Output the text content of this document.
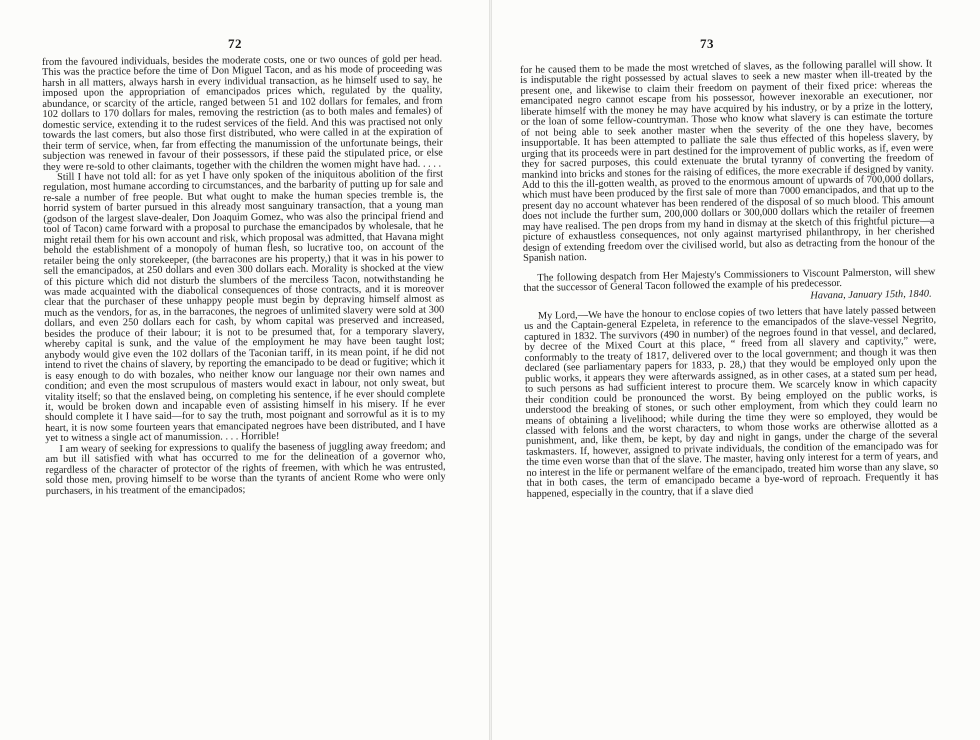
72

from the favoured individuals, besides the moderate costs, one or two ounces of gold per head. This was the practice before the time of Don Miguel Tacon, and as his mode of proceeding was harsh in all matters, always harsh in every individual transaction, as he himself used to say, he imposed upon the appropriation of emancipados prices which, regulated by the quality, abundance, or scarcity of the article, ranged between 51 and 102 dollars for females, and from 102 dollars to 170 dollars for males, removing the restriction (as to both males and females) of domestic service, extending it to the rudest services of the field. And this was practised not only towards the last comers, but also those first distributed, who were called in at the expiration of their term of service, when, far from effecting the manumission of the unfortunate beings, their subjection was renewed in favour of their possessors, if these paid the stipulated price, or else they were re-sold to other claimants, together with the children the women might have had. . . . .

Still I have not told all: for as yet I have only spoken of the iniquitous abolition of the first regulation, most humane according to circumstances, and the barbarity of putting up for sale and re-sale a number of free people. But what ought to make the human species tremble is, the horrid system of barter pursued in this already most sanguinary transaction, that a young man (godson of the largest slave-dealer, Don Joaquim Gomez, who was also the principal friend and tool of Tacon) came forward with a proposal to purchase the emancipados by wholesale, that he might retail them for his own account and risk, which proposal was admitted, that Havana might behold the establishment of a monopoly of human flesh, so lucrative too, on account of the retailer being the only storekeeper, (the barracones are his property,) that it was in his power to sell the emancipados, at 250 dollars and even 300 dollars each. Morality is shocked at the view of this picture which did not disturb the slumbers of the merciless Tacon, notwithstanding he was made acquainted with the diabolical consequences of those contracts, and it is moreover clear that the purchaser of these unhappy people must begin by depraving himself almost as much as the vendors, for as, in the barracones, the negroes of unlimited slavery were sold at 300 dollars, and even 250 dollars each for cash, by whom capital was preserved and increased, besides the produce of their labour; it is not to be presumed that, for a temporary slavery, whereby capital is sunk, and the value of the employment he may have been taught lost; anybody would give even the 102 dollars of the Taconian tariff, in its mean point, if he did not intend to rivet the chains of slavery, by reporting the emancipado to be dead or fugitive; which it is easy enough to do with bozales, who neither know our language nor their own names and condition; and even the most scrupulous of masters would exact in labour, not only sweat, but vitality itself; so that the enslaved being, on completing his sentence, if he ever should complete it, would be broken down and incapable even of assisting himself in his misery. If he ever should complete it I have said—for to say the truth, most poignant and sorrowful as it is to my heart, it is now some fourteen years that emancipated negroes have been distributed, and I have yet to witness a single act of manumission. . . . Horrible!

I am weary of seeking for expressions to qualify the baseness of juggling away freedom; and am but ill satisfied with what has occurred to me for the delineation of a governor who, regardless of the character of protector of the rights of freemen, with which he was entrusted, sold those men, proving himself to be worse than the tyrants of ancient Rome who were only purchasers, in his treatment of the emancipados;

73

for he caused them to be made the most wretched of slaves, as the following parallel will show. It is indisputable the right possessed by actual slaves to seek a new master when ill-treated by the present one, and likewise to claim their freedom on payment of their fixed price: whereas the emancipated negro cannot escape from his possessor, however inexorable an executioner, nor liberate himself with the money he may have acquired by his industry, or by a prize in the lottery, or the loan of some fellow-countryman. Those who know what slavery is can estimate the torture of not being able to seek another master when the severity of the one they have, becomes insupportable. It has been attempted to palliate the sale thus effected of this hopeless slavery, by urging that its proceeds were in part destined for the improvement of public works, as if, even were they for sacred purposes, this could extenuate the brutal tyranny of converting the freedom of mankind into bricks and stones for the raising of edifices, the more execrable if designed by vanity. Add to this the ill-gotten wealth, as proved to the enormous amount of upwards of 700,000 dollars, which must have been produced by the first sale of more than 7000 emancipados, and that up to the present day no account whatever has been rendered of the disposal of so much blood. This amount does not include the further sum, 200,000 dollars or 300,000 dollars which the retailer of freemen may have realised. The pen drops from my hand in dismay at the sketch of this frightful picture—a picture of exhaustless consequences, not only against martyrised philanthropy, in her cherished design of extending freedom over the civilised world, but also as detracting from the honour of the Spanish nation.

The following despatch from Her Majesty's Commissioners to Viscount Palmerston, will shew that the successor of General Tacon followed the example of his predecessor.

Havana, January 15th, 1840.

My Lord,—We have the honour to enclose copies of two letters that have lately passed between us and the Captain-general Ezpeleta, in reference to the emancipados of the slave-vessel Negrito, captured in 1832. The survivors (490 in number) of the negroes found in that vessel, and declared, by decree of the Mixed Court at this place, “ freed from all slavery and captivity,” were, conformably to the treaty of 1817, delivered over to the local government; and though it was then declared (see parliamentary papers for 1833, p. 28,) that they would be employed only upon the public works, it appears they were afterwards assigned, as in other cases, at a stated sum per head, to such persons as had sufficient interest to procure them. We scarcely know in which capacity their condition could be pronounced the worst. By being employed on the public works, is understood the breaking of stones, or such other employment, from which they could learn no means of obtaining a livelihood; while during the time they were so employed, they would be classed with felons and the worst characters, to whom those works are otherwise allotted as a punishment, and, like them, be kept, by day and night in gangs, under the charge of the several taskmasters. If, however, assigned to private individuals, the condition of the emancipado was for the time even worse than that of the slave. The master, having only interest for a term of years, and no interest in the life or permanent welfare of the emancipado, treated him worse than any slave, so that in both cases, the term of emancipado became a bye-word of reproach. Frequently it has happened, especially in the country, that if a slave died
